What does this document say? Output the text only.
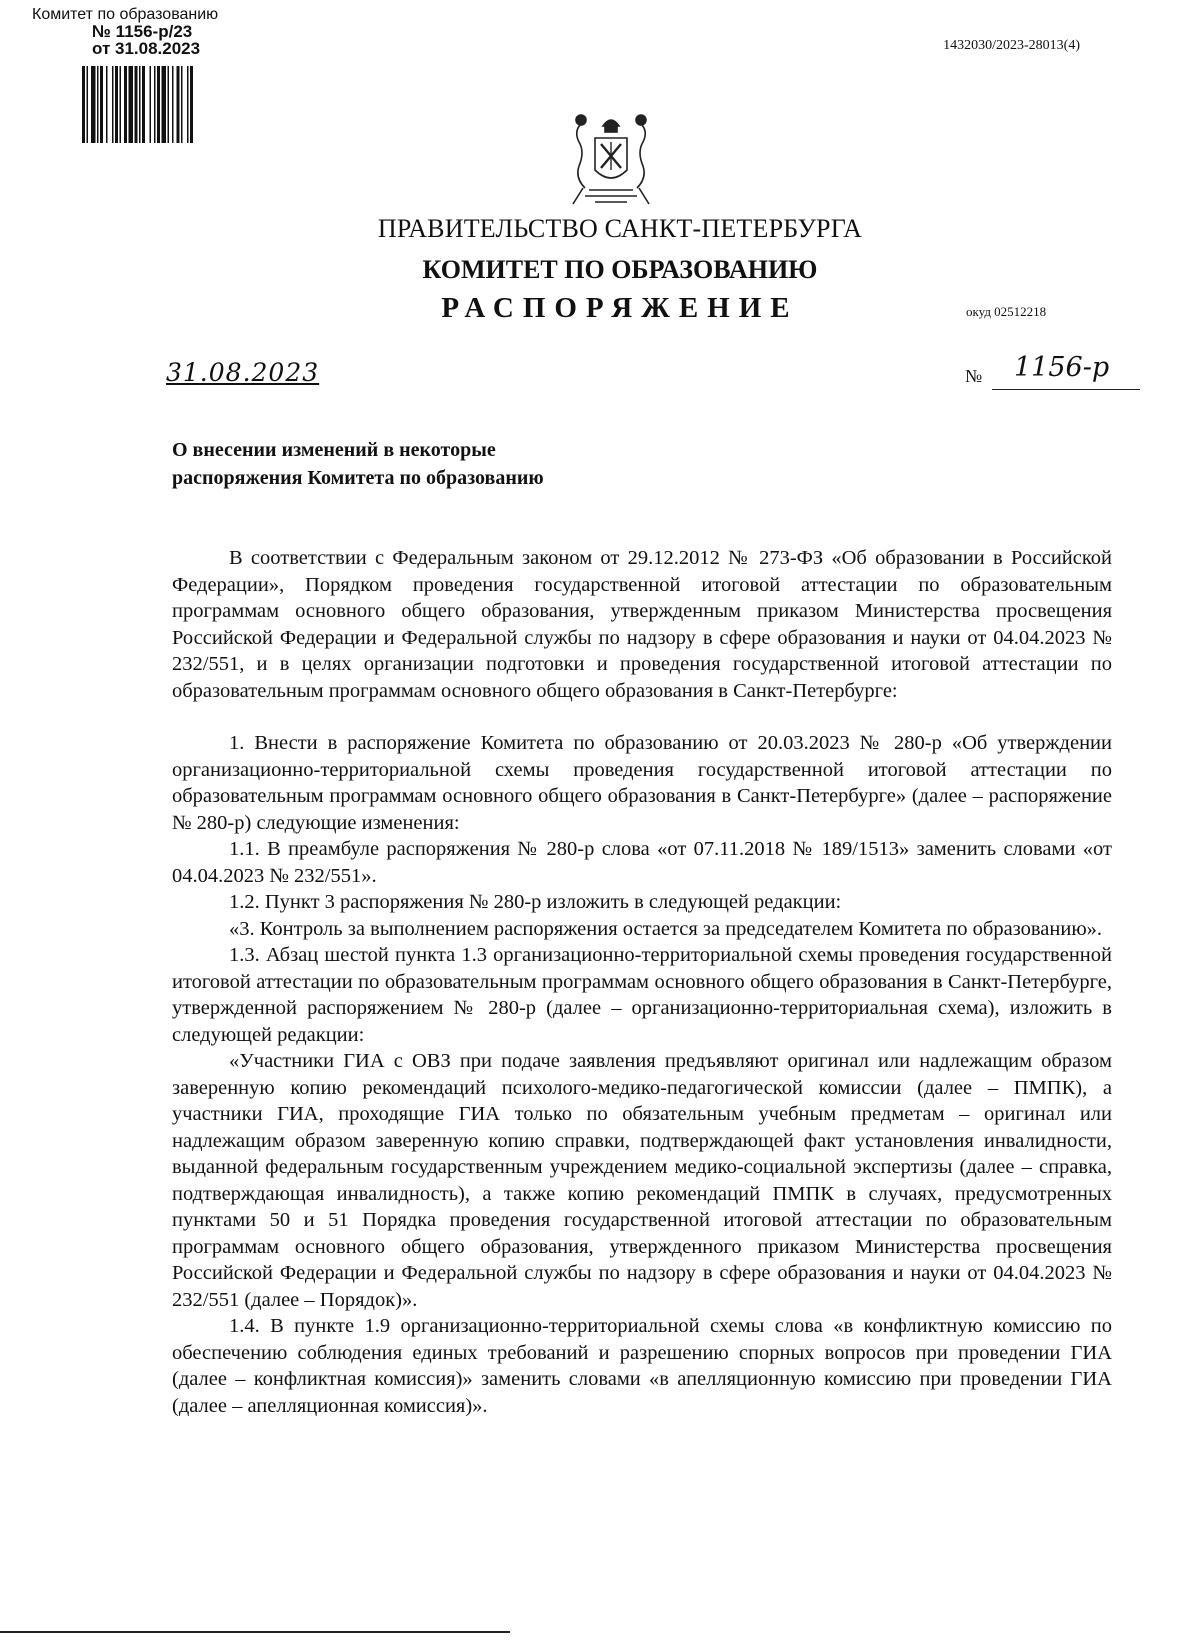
Комитет по образованию
№ 1156-р/23
от 31.08.2023	1432030/2023-28013(4)
ПРАВИТЕЛЬСТВО САНКТ-ПЕТЕРБУРГА
КОМИТЕТ ПО ОБРАЗОВАНИЮ
РАСПОРЯЖЕНИЕ	окуд 02512218
31.08.2023	№	1156-р
О внесении изменений в некоторые
распоряжения Комитета по образованию

В соответствии с Федеральным законом от 29.12.2012 № 273-ФЗ «Об образовании в Российской Федерации», Порядком проведения государственной итоговой аттестации по образовательным программам основного общего образования, утвержденным приказом Министерства просвещения Российской Федерации и Федеральной службы по надзору в сфере образования и науки от 04.04.2023 № 232/551, и в целях организации подготовки и проведения государственной итоговой аттестации по образовательным программам основного общего образования в Санкт-Петербурге:

1. Внести в распоряжение Комитета по образованию от 20.03.2023 № 280-р «Об утверждении организационно-территориальной схемы проведения государственной итоговой аттестации по образовательным программам основного общего образования в Санкт-Петербурге» (далее – распоряжение № 280-р) следующие изменения:

1.1. В преамбуле распоряжения № 280-р слова «от 07.11.2018 № 189/1513» заменить словами «от 04.04.2023 № 232/551».

1.2. Пункт 3 распоряжения № 280-р изложить в следующей редакции:

«3. Контроль за выполнением распоряжения остается за председателем Комитета по образованию».

1.3. Абзац шестой пункта 1.3 организационно-территориальной схемы проведения государственной итоговой аттестации по образовательным программам основного общего образования в Санкт-Петербурге, утвержденной распоряжением № 280-р (далее – организационно-территориальная схема), изложить в следующей редакции:

«Участники ГИА с ОВЗ при подаче заявления предъявляют оригинал или надлежащим образом заверенную копию рекомендаций психолого-медико-педагогической комиссии (далее – ПМПК), а участники ГИА, проходящие ГИА только по обязательным учебным предметам – оригинал или надлежащим образом заверенную копию справки, подтверждающей факт установления инвалидности, выданной федеральным государственным учреждением медико-социальной экспертизы (далее – справка, подтверждающая инвалидность), а также копию рекомендаций ПМПК в случаях, предусмотренных пунктами 50 и 51 Порядка проведения государственной итоговой аттестации по образовательным программам основного общего образования, утвержденного приказом Министерства просвещения Российской Федерации и Федеральной службы по надзору в сфере образования и науки от 04.04.2023 № 232/551 (далее – Порядок)».

1.4. В пункте 1.9 организационно-территориальной схемы слова «в конфликтную комиссию по обеспечению соблюдения единых требований и разрешению спорных вопросов при проведении ГИА (далее – конфликтная комиссия)» заменить словами «в апелляционную комиссию при проведении ГИА (далее – апелляционная комиссия)».
